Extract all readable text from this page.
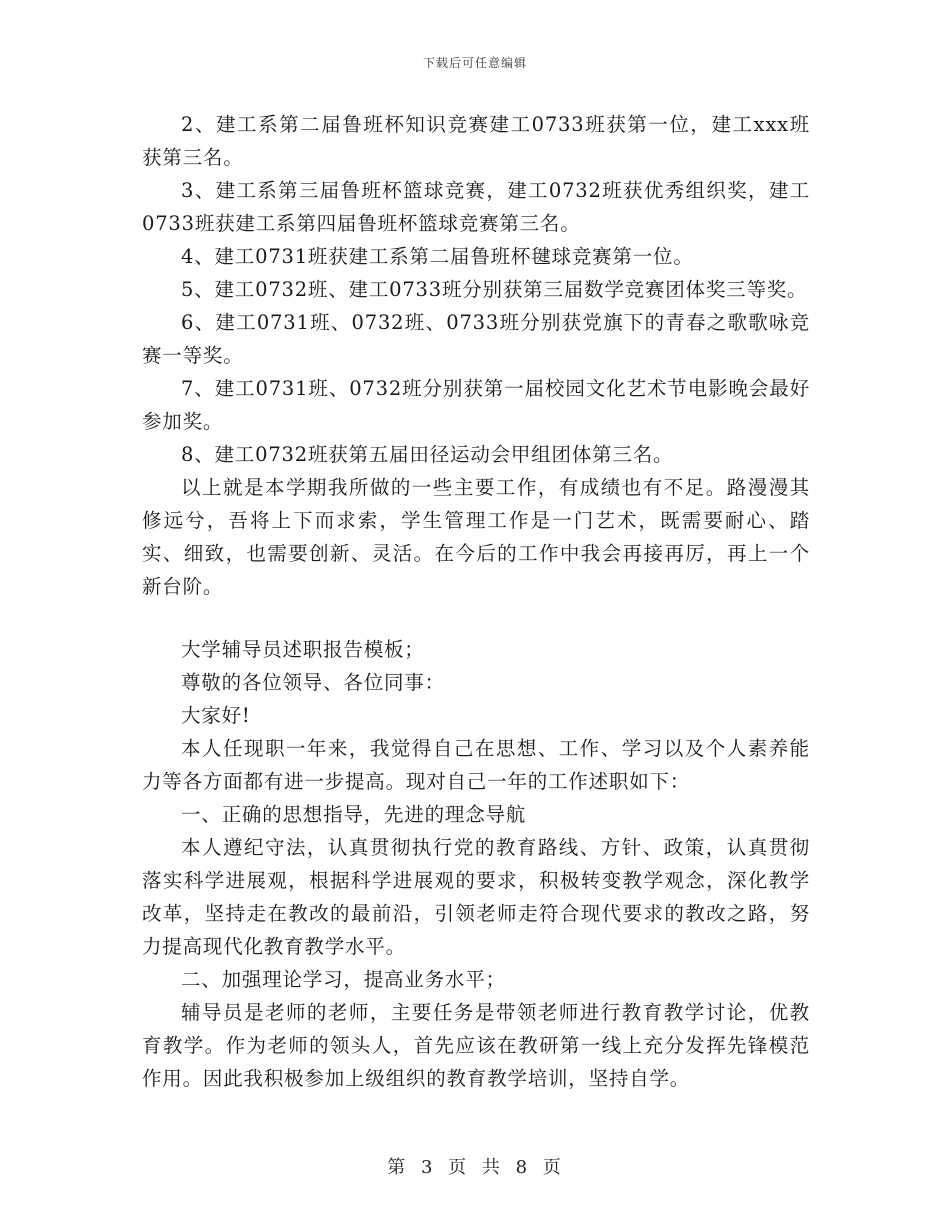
下载后可任意编辑

2、建工系第二届鲁班杯知识竞赛建工0733班获第一位，建工xxx班获第三名。

3、建工系第三届鲁班杯篮球竞赛，建工0732班获优秀组织奖，建工0733班获建工系第四届鲁班杯篮球竞赛第三名。

4、建工0731班获建工系第二届鲁班杯毽球竞赛第一位。

5、建工0732班、建工0733班分别获第三届数学竞赛团体奖三等奖。

6、建工0731班、0732班、0733班分别获党旗下的青春之歌歌咏竞赛一等奖。

7、建工0731班、0732班分别获第一届校园文化艺术节电影晚会最好参加奖。

8、建工0732班获第五届田径运动会甲组团体第三名。

以上就是本学期我所做的一些主要工作，有成绩也有不足。路漫漫其修远兮，吾将上下而求索，学生管理工作是一门艺术，既需要耐心、踏实、细致，也需要创新、灵活。在今后的工作中我会再接再厉，再上一个新台阶。

大学辅导员述职报告模板；

尊敬的各位领导、各位同事：

大家好!

本人任现职一年来，我觉得自己在思想、工作、学习以及个人素养能力等各方面都有进一步提高。现对自己一年的工作述职如下：

一、正确的思想指导，先进的理念导航

本人遵纪守法，认真贯彻执行党的教育路线、方针、政策，认真贯彻落实科学进展观，根据科学进展观的要求，积极转变教学观念，深化教学改革，坚持走在教改的最前沿，引领老师走符合现代要求的教改之路，努力提高现代化教育教学水平。

二、加强理论学习，提高业务水平；

辅导员是老师的老师，主要任务是带领老师进行教育教学讨论，优教育教学。作为老师的领头人，首先应该在教研第一线上充分发挥先锋模范作用。因此我积极参加上级组织的教育教学培训，坚持自学。

第 3 页 共 8 页
